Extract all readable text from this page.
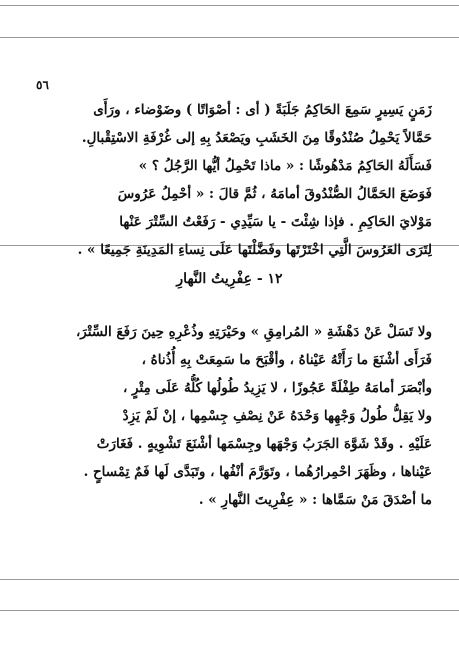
٥٦
زَمَنٍ يَسِيرٍ سَمِعَ الحَاكِمُ جَلَبَةً ( أى : أصْوَاتًا ) وضَوْضاء ، ورَأَى
حَمَّالاً يَحْمِلُ صُنْدُوقًا مِنَ الخَشَبِ ويَصْعَدُ بِهِ إلى غُرْفَةِ الاسْتِقْبالِ.
فَسَأَلَهُ الحَاكِمُ مَدْهُوشًا : « ماذا تَحْمِلُ أيُّها الرَّجُلُ ؟ »
فَوَضَعَ الحَمَّالُ الصُّنْدُوقَ أمامَهُ ، ثُمَّ قالَ : « أحْمِلُ عَرُوسَ
مَوْلايَ الحَاكِمِ . فإذا شِئْتَ - يا سَيِّدِي - رَفَعْتُ السِّتْرَ عَنْها
لِتَرَى العَرُوسَ الَّتِي اخْتَرْتَها وفَضَّلْتَها عَلَى نِساءِ المَدِينَةِ جَمِيعًا » .
١٢ - عِفْرِيتُ النَّهارِ
ولا تَسَلْ عَنْ دَهْشَةِ « المُرامِقِ » وحَيْرَتِهِ وذُعْرِهِ حِينَ رَفَعَ السِّتْرَ،
فَرَأَى أشْنَعَ ما رَأَتْهُ عَيْناهُ ، وأقْبَحَ ما سَمِعَتْ بِهِ أُذُناهُ ،
وأبْصَرَ أمامَهُ طِفْلَةً عَجُوزًا ، لا يَزِيدُ طُولُها كُلُّهُ عَلَى مِتْرٍ ،
ولا يَقِلُّ طُولُ وَجْهِها وَحْدَهُ عَنْ نِصْفِ جِسْمِها ، إنْ لَمْ يَزِدْ
عَلَيْهِ . وقَدْ شَوَّهَ الجَرَبُ وَجْهَها وجِسْمَها أشْنَعَ تَشْوِيهٍ . فَغَارَتْ
عَيْناها ، وظَهَرَ احْمِرارُهُما ، وتَوَرَّمَ أنْفُها ، وتَبَدَّى لَها فَمٌ تِمْساحٍ .
ما أصْدَقَ مَنْ سَمَّاها : « عِفْرِيتَ النَّهارِ » .
